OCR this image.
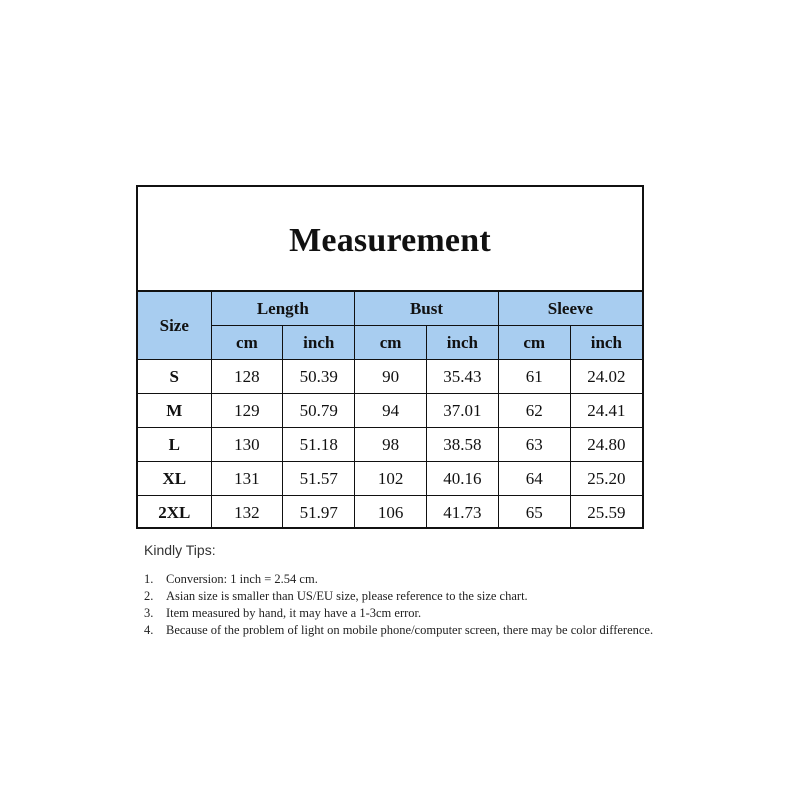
Measurement
Size	Length		Bust		Sleeve	
	cm	inch	cm	inch	cm	inch
S	128	50.39	90	35.43	61	24.02
M	129	50.79	94	37.01	62	24.41
L	130	51.18	98	38.58	63	24.80
XL	131	51.57	102	40.16	64	25.20
2XL	132	51.97	106	41.73	65	25.59
Kindly Tips:
1. Conversion: 1 inch = 2.54 cm.
2. Asian size is smaller than US/EU size, please reference to the size chart.
3. Item measured by hand, it may have a 1-3cm error.
4. Because of the problem of light on mobile phone/computer screen, there may be color difference.
